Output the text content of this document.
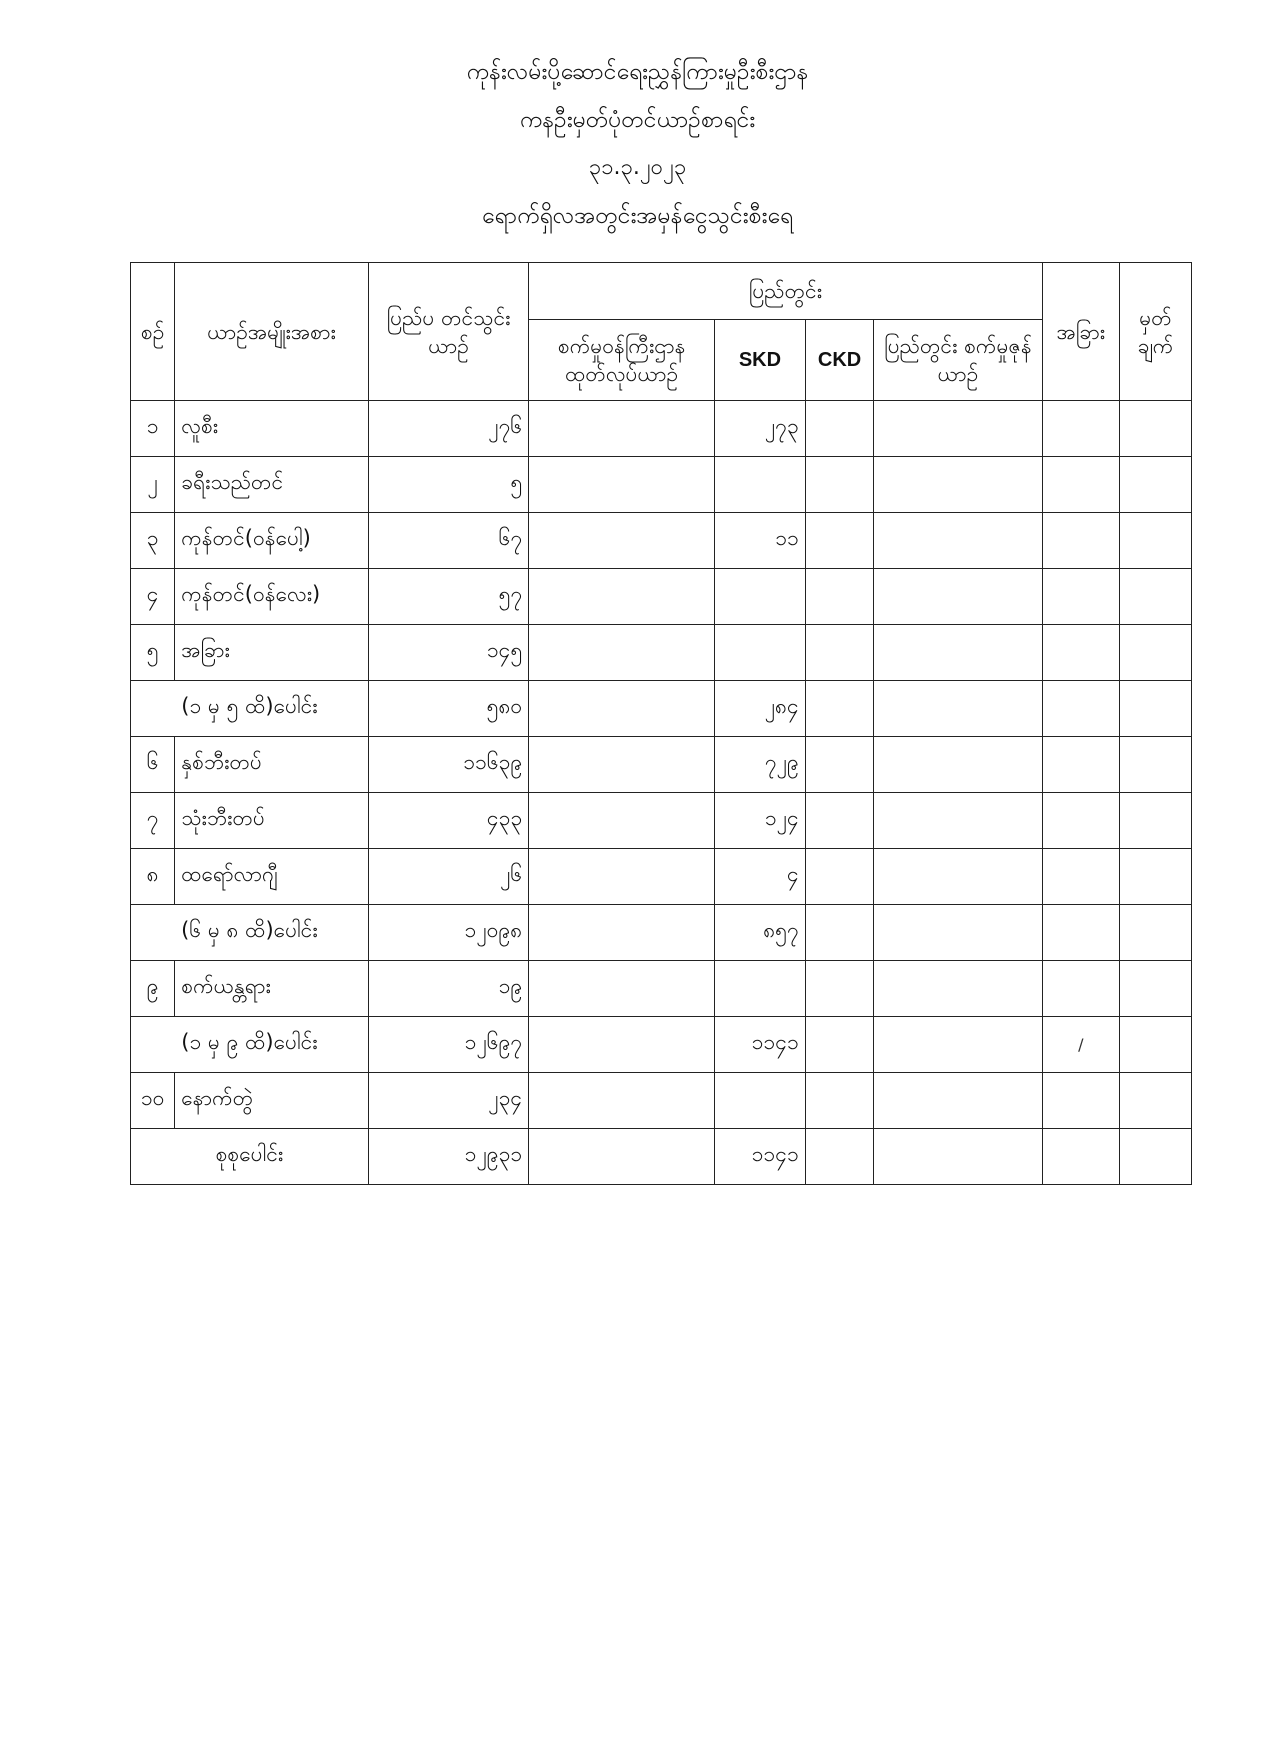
ကုန်းလမ်းပို့ဆောင်ရေးညွှန်ကြားမှုဦးစီးဌာန
ကနဦးမှတ်ပုံတင်ယာဉ်စာရင်း
၃၁.၃.၂၀၂၃
ရောက်ရှိလအတွင်းအမှန်ငွေသွင်းစီးရေ
စဉ်	ယာဉ်အမျိုးအစား	ပြည်ပ တင်သွင်းယာဉ်	ပြည်တွင်း				အခြား	မှတ် ချက်
			စက်မှုဝန်ကြီးဌာန ထုတ်လုပ်ယာဉ်	SKD	CKD	ပြည်တွင်း စက်မှုဇုန်ယာဉ်		
၁	လူစီး	၂၇၆		၂၇၃				
၂	ခရီးသည်တင်	၅						
၃	ကုန်တင်(ဝန်ပေါ့)	၆၇		၁၁				
၄	ကုန်တင်(ဝန်လေး)	၅၇						
၅	အခြား	၁၄၅						
(၁ မှ ၅ ထိ)ပေါင်း		၅၈၀		၂၈၄				
၆	နှစ်ဘီးတပ်	၁၁၆၃၉		၇၂၉				
၇	သုံးဘီးတပ်	၄၃၃		၁၂၄				
၈	ထရော်လာဂျီ	၂၆		၄				
(၆ မှ ၈ ထိ)ပေါင်း		၁၂၀၉၈		၈၅၇				
၉	စက်ယန္တရား	၁၉						
(၁ မှ ၉ ထိ)ပေါင်း		၁၂၆၉၇		၁၁၄၁			/	
၁၀	နောက်တွဲ	၂၃၄						
စုစုပေါင်း		၁၂၉၃၁		၁၁၄၁				
